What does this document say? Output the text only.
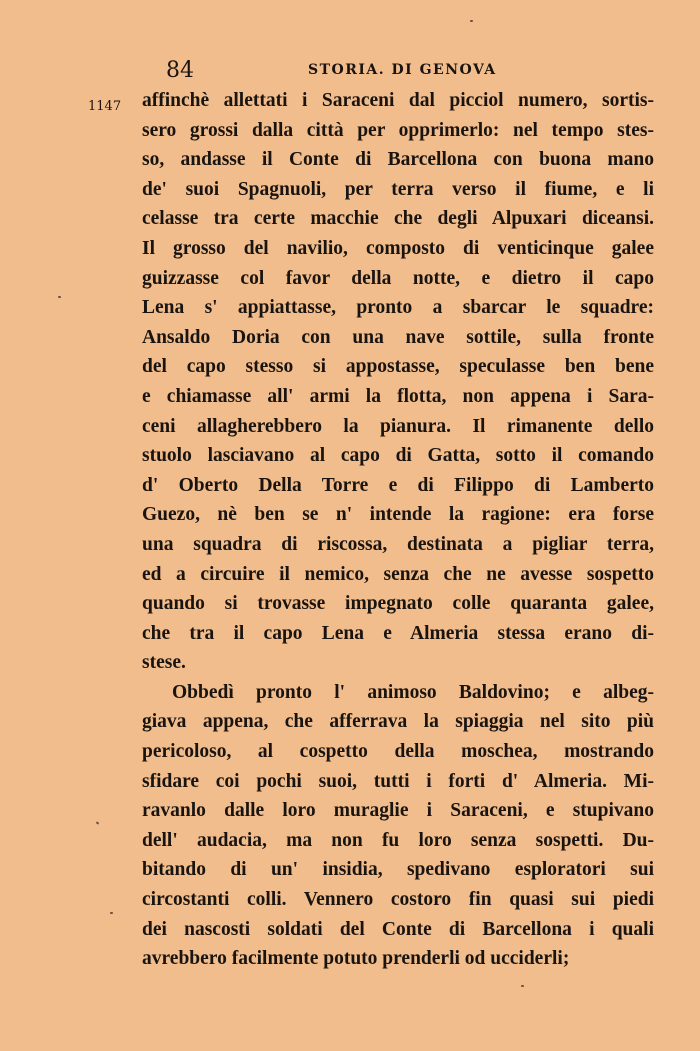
84	STORIA. DI GENOVA
1147 affinchè allettati i Saraceni dal picciol numero, sortis-
sero grossi dalla città per opprimerlo: nel tempo stes-
so, andasse il Conte di Barcellona con buona mano
de' suoi Spagnuoli, per terra verso il fiume, e li
celasse tra certe macchie che degli Alpuxari diceansi.
Il grosso del navilio, composto di venticinque galee
guizzasse col favor della notte, e dietro il capo
Lena s' appiattasse, pronto a sbarcar le squadre:
Ansaldo Doria con una nave sottile, sulla fronte
del capo stesso si appostasse, speculasse ben bene
e chiamasse all' armi la flotta, non appena i Sara-
ceni allagherebbero la pianura. Il rimanente dello
stuolo lasciavano al capo di Gatta, sotto il comando
d' Oberto Della Torre e di Filippo di Lamberto
Guezo, nè ben se n' intende la ragione: era forse
una squadra di riscossa, destinata a pigliar terra,
ed a circuire il nemico, senza che ne avesse sospetto
quando si trovasse impegnato colle quaranta galee,
che tra il capo Lena e Almeria stessa erano di-
stese.
Obbedì pronto l' animoso Baldovino; e albeg-
giava appena, che afferrava la spiaggia nel sito più
pericoloso, al cospetto della moschea, mostrando
sfidare coi pochi suoi, tutti i forti d' Almeria. Mi-
ravanlo dalle loro muraglie i Saraceni, e stupivano
dell' audacia, ma non fu loro senza sospetti. Du-
bitando di un' insidia, spedivano esploratori sui
circostanti colli. Vennero costoro fin quasi sui piedi
dei nascosti soldati del Conte di Barcellona i quali
avrebbero facilmente potuto prenderli od ucciderli;
